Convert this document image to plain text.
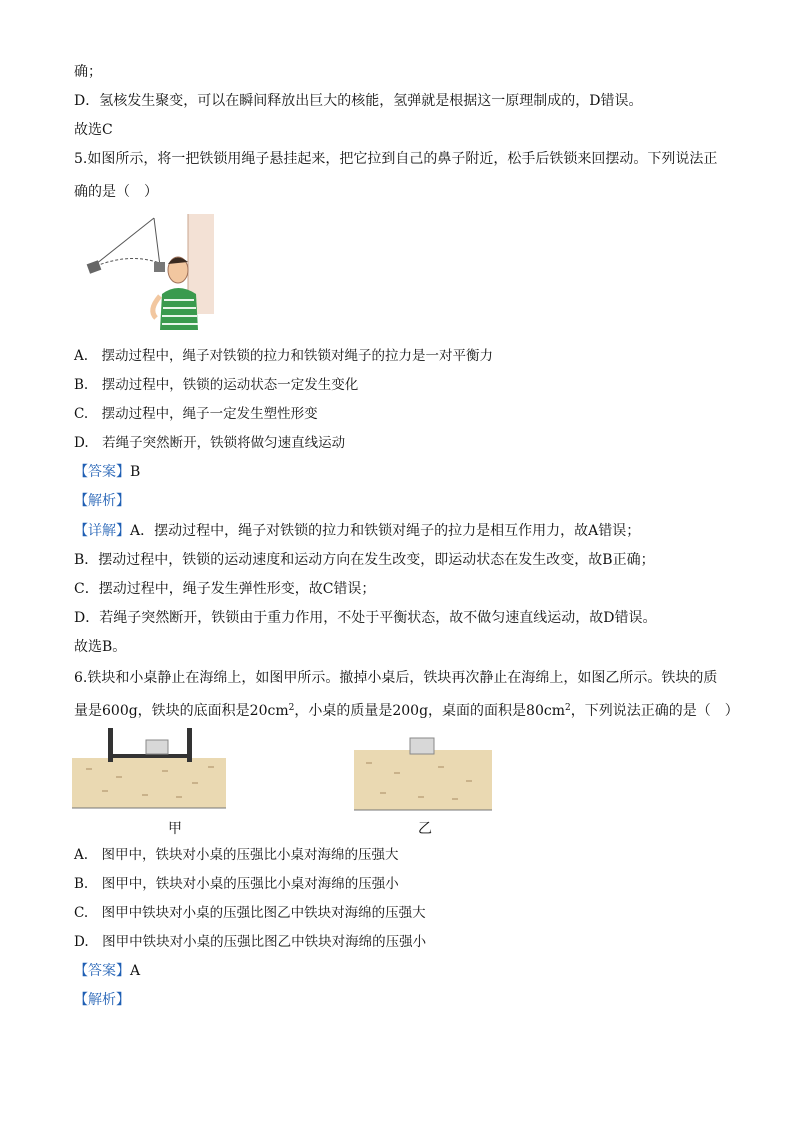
确；
D．氢核发生聚变，可以在瞬间释放出巨大的核能，氢弹就是根据这一原理制成的，D错误。
故选C
5.如图所示，将一把铁锁用绳子悬挂起来，把它拉到自己的鼻子附近，松手后铁锁来回摆动。下列说法正
确的是（　）
A.　摆动过程中，绳子对铁锁的拉力和铁锁对绳子的拉力是一对平衡力
B.　摆动过程中，铁锁的运动状态一定发生变化
C.　摆动过程中，绳子一定发生塑性形变
D.　若绳子突然断开，铁锁将做匀速直线运动
【答案】B
【解析】
【详解】A．摆动过程中，绳子对铁锁的拉力和铁锁对绳子的拉力是相互作用力，故A错误；
B．摆动过程中，铁锁的运动速度和运动方向在发生改变，即运动状态在发生改变，故B正确；
C．摆动过程中，绳子发生弹性形变，故C错误；
D．若绳子突然断开，铁锁由于重力作用，不处于平衡状态，故不做匀速直线运动，故D错误。
故选B。
6.铁块和小桌静止在海绵上，如图甲所示。撤掉小桌后，铁块再次静止在海绵上，如图乙所示。铁块的质
量是600g，铁块的底面积是$20cm^2$，小桌的质量是200g，桌面的面积是$80cm^2$，下列说法正确的是（　）
甲	乙
A.　图甲中，铁块对小桌的压强比小桌对海绵的压强大
B.　图甲中，铁块对小桌的压强比小桌对海绵的压强小
C.　图甲中铁块对小桌的压强比图乙中铁块对海绵的压强大
D.　图甲中铁块对小桌的压强比图乙中铁块对海绵的压强小
【答案】A
【解析】
